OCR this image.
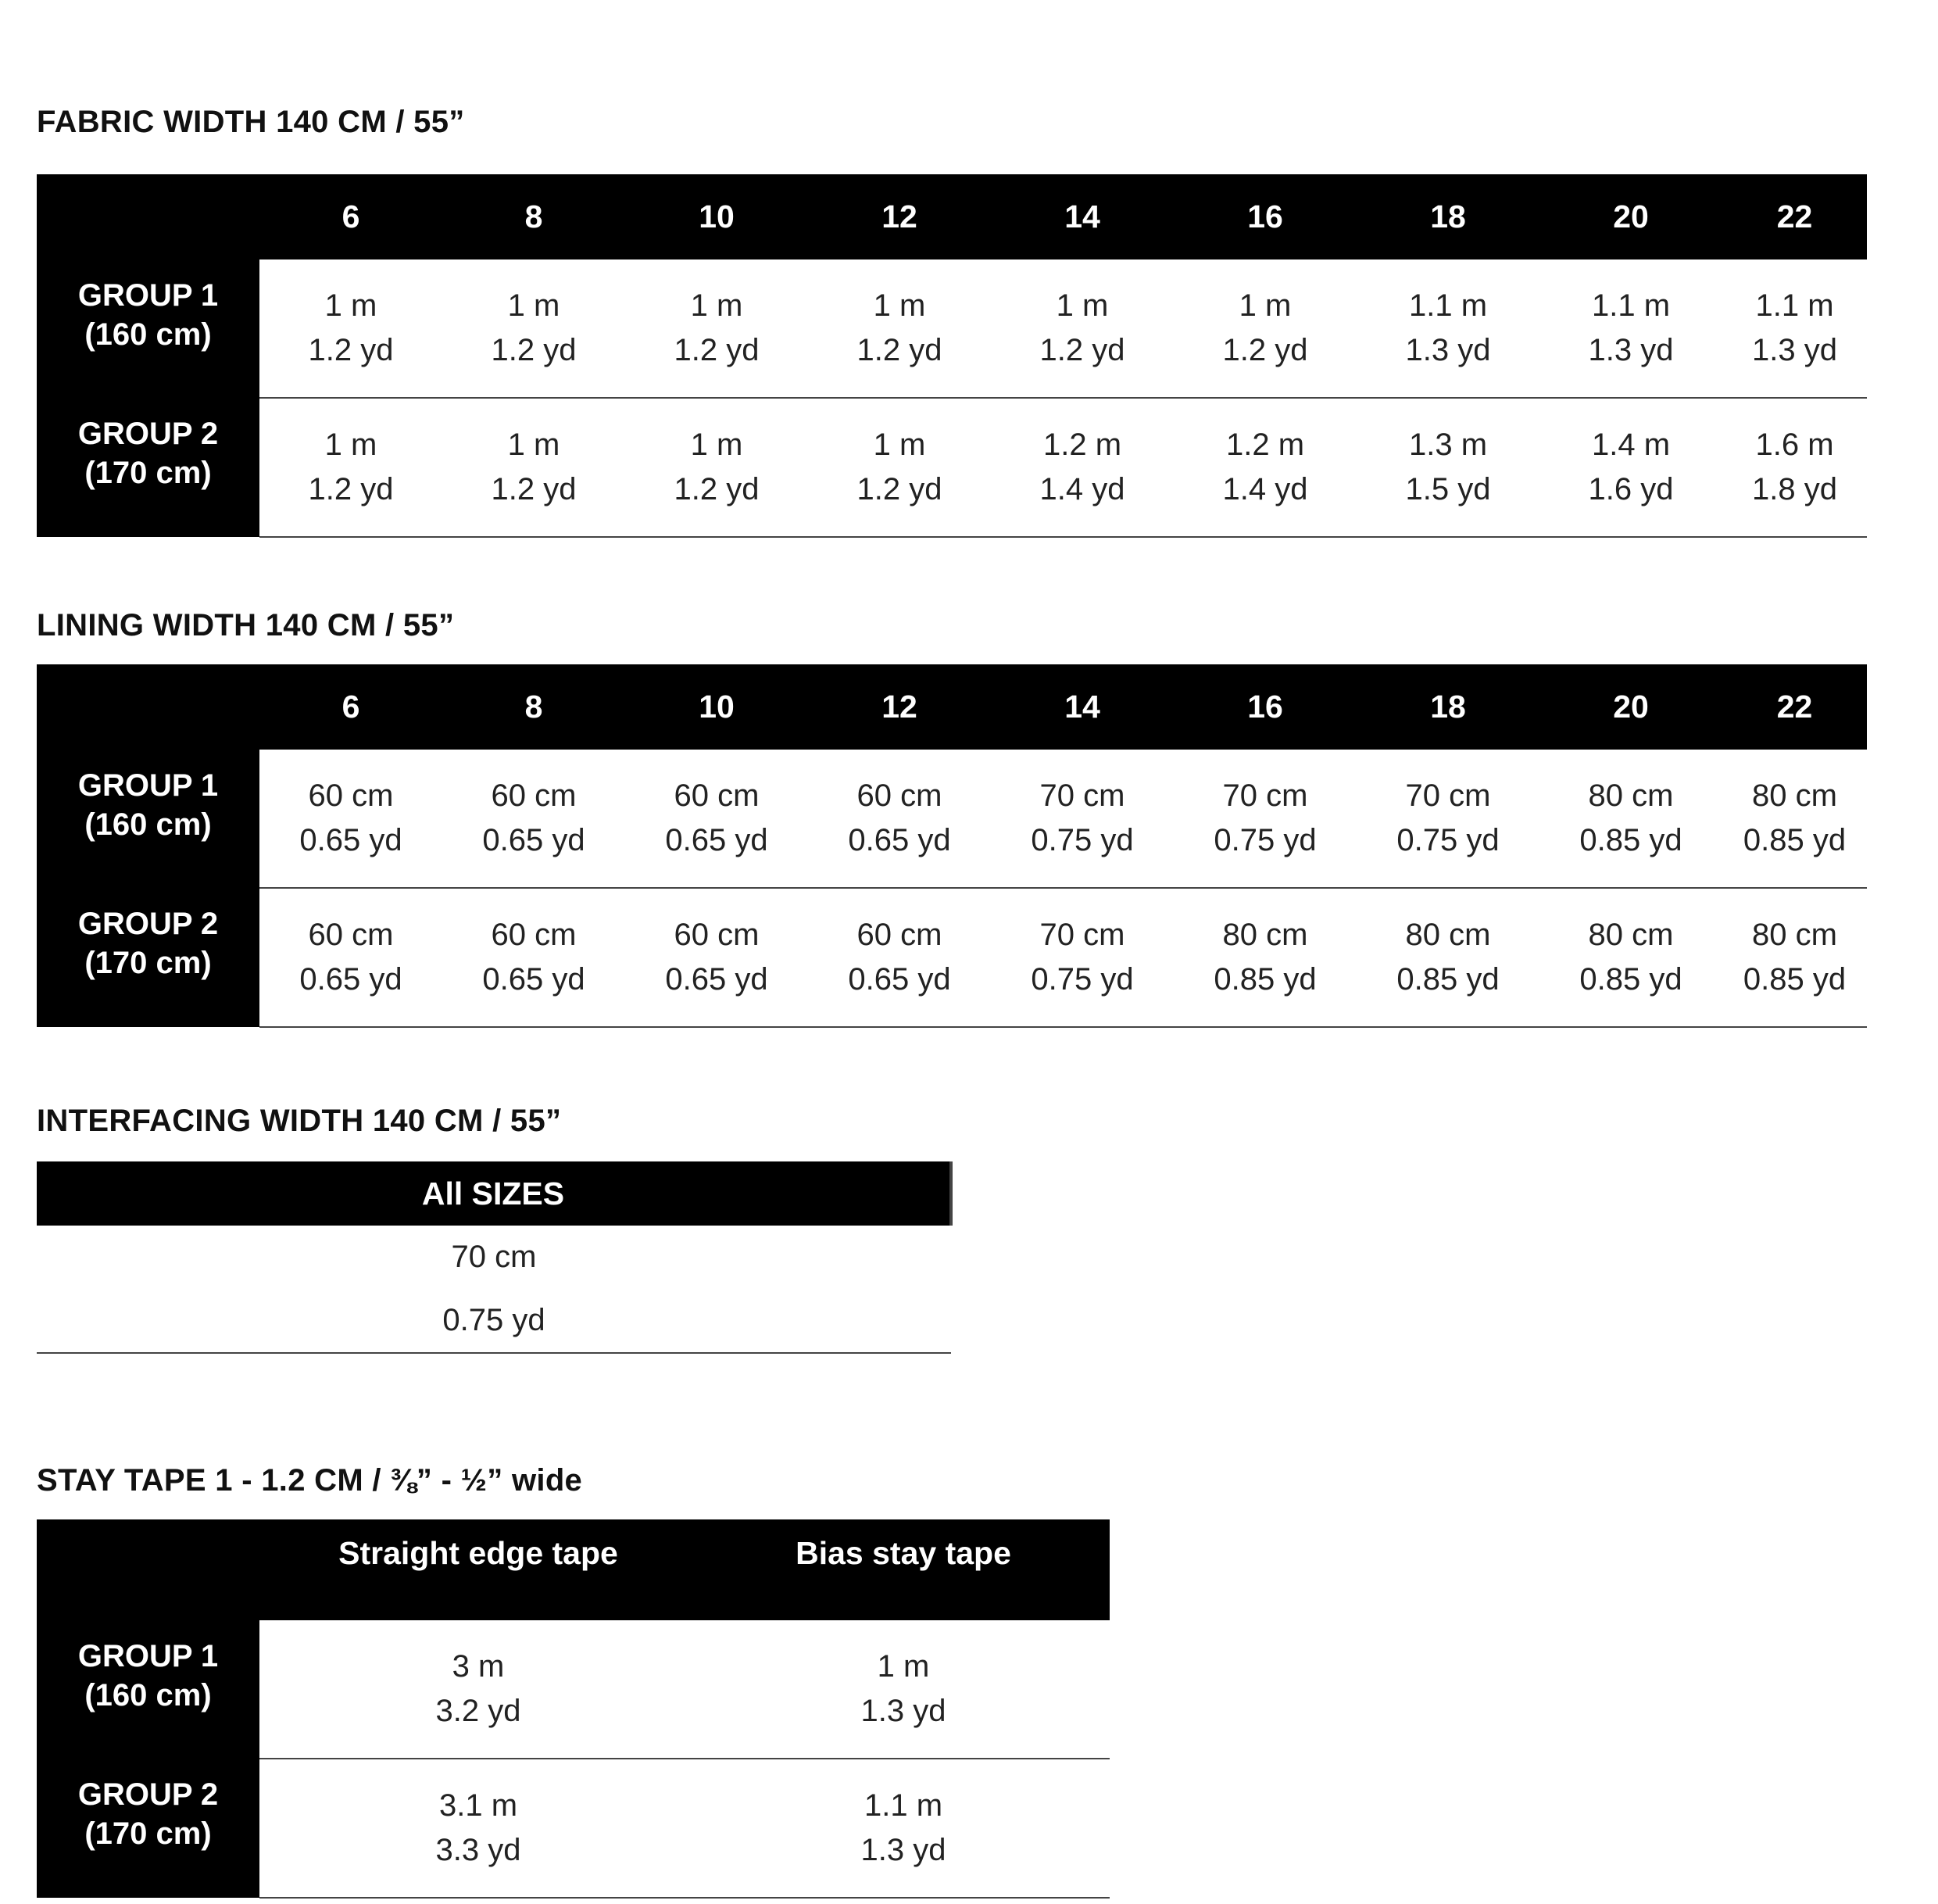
FABRIC WIDTH 140 CM / 55”
	6	8	10	12	14	16	18	20	22

GROUP 1
(160 cm)	1 m	1 m	1 m	1 m	1 m	1 m	1.1 m	1.1 m	1.1 m
	1.2 yd	1.2 yd	1.2 yd	1.2 yd	1.2 yd	1.2 yd	1.3 yd	1.3 yd	1.3 yd

GROUP 2
(170 cm)	1 m	1 m	1 m	1 m	1.2 m	1.2 m	1.3 m	1.4 m	1.6 m
	1.2 yd	1.2 yd	1.2 yd	1.2 yd	1.4 yd	1.4 yd	1.5 yd	1.6 yd	1.8 yd
LINING WIDTH 140 CM / 55”
	6	8	10	12	14	16	18	20	22

GROUP 1
(160 cm)	60 cm	60 cm	60 cm	60 cm	70 cm	70 cm	70 cm	80 cm	80 cm
	0.65 yd	0.65 yd	0.65 yd	0.65 yd	0.75 yd	0.75 yd	0.75 yd	0.85 yd	0.85 yd

GROUP 2
(170 cm)	60 cm	60 cm	60 cm	60 cm	70 cm	80 cm	80 cm	80 cm	80 cm
	0.65 yd	0.65 yd	0.65 yd	0.65 yd	0.75 yd	0.85 yd	0.85 yd	0.85 yd	0.85 yd
INTERFACING WIDTH 140 CM / 55”
All SIZES
70 cm
0.75 yd
STAY TAPE 1 - 1.2 CM / ⅜” - ½” wide
	Straight edge tape	Bias stay tape

GROUP 1
(160 cm)	3 m	1 m
	3.2 yd	1.3 yd

GROUP 2
(170 cm)	3.1 m	1.1 m
	3.3 yd	1.3 yd
